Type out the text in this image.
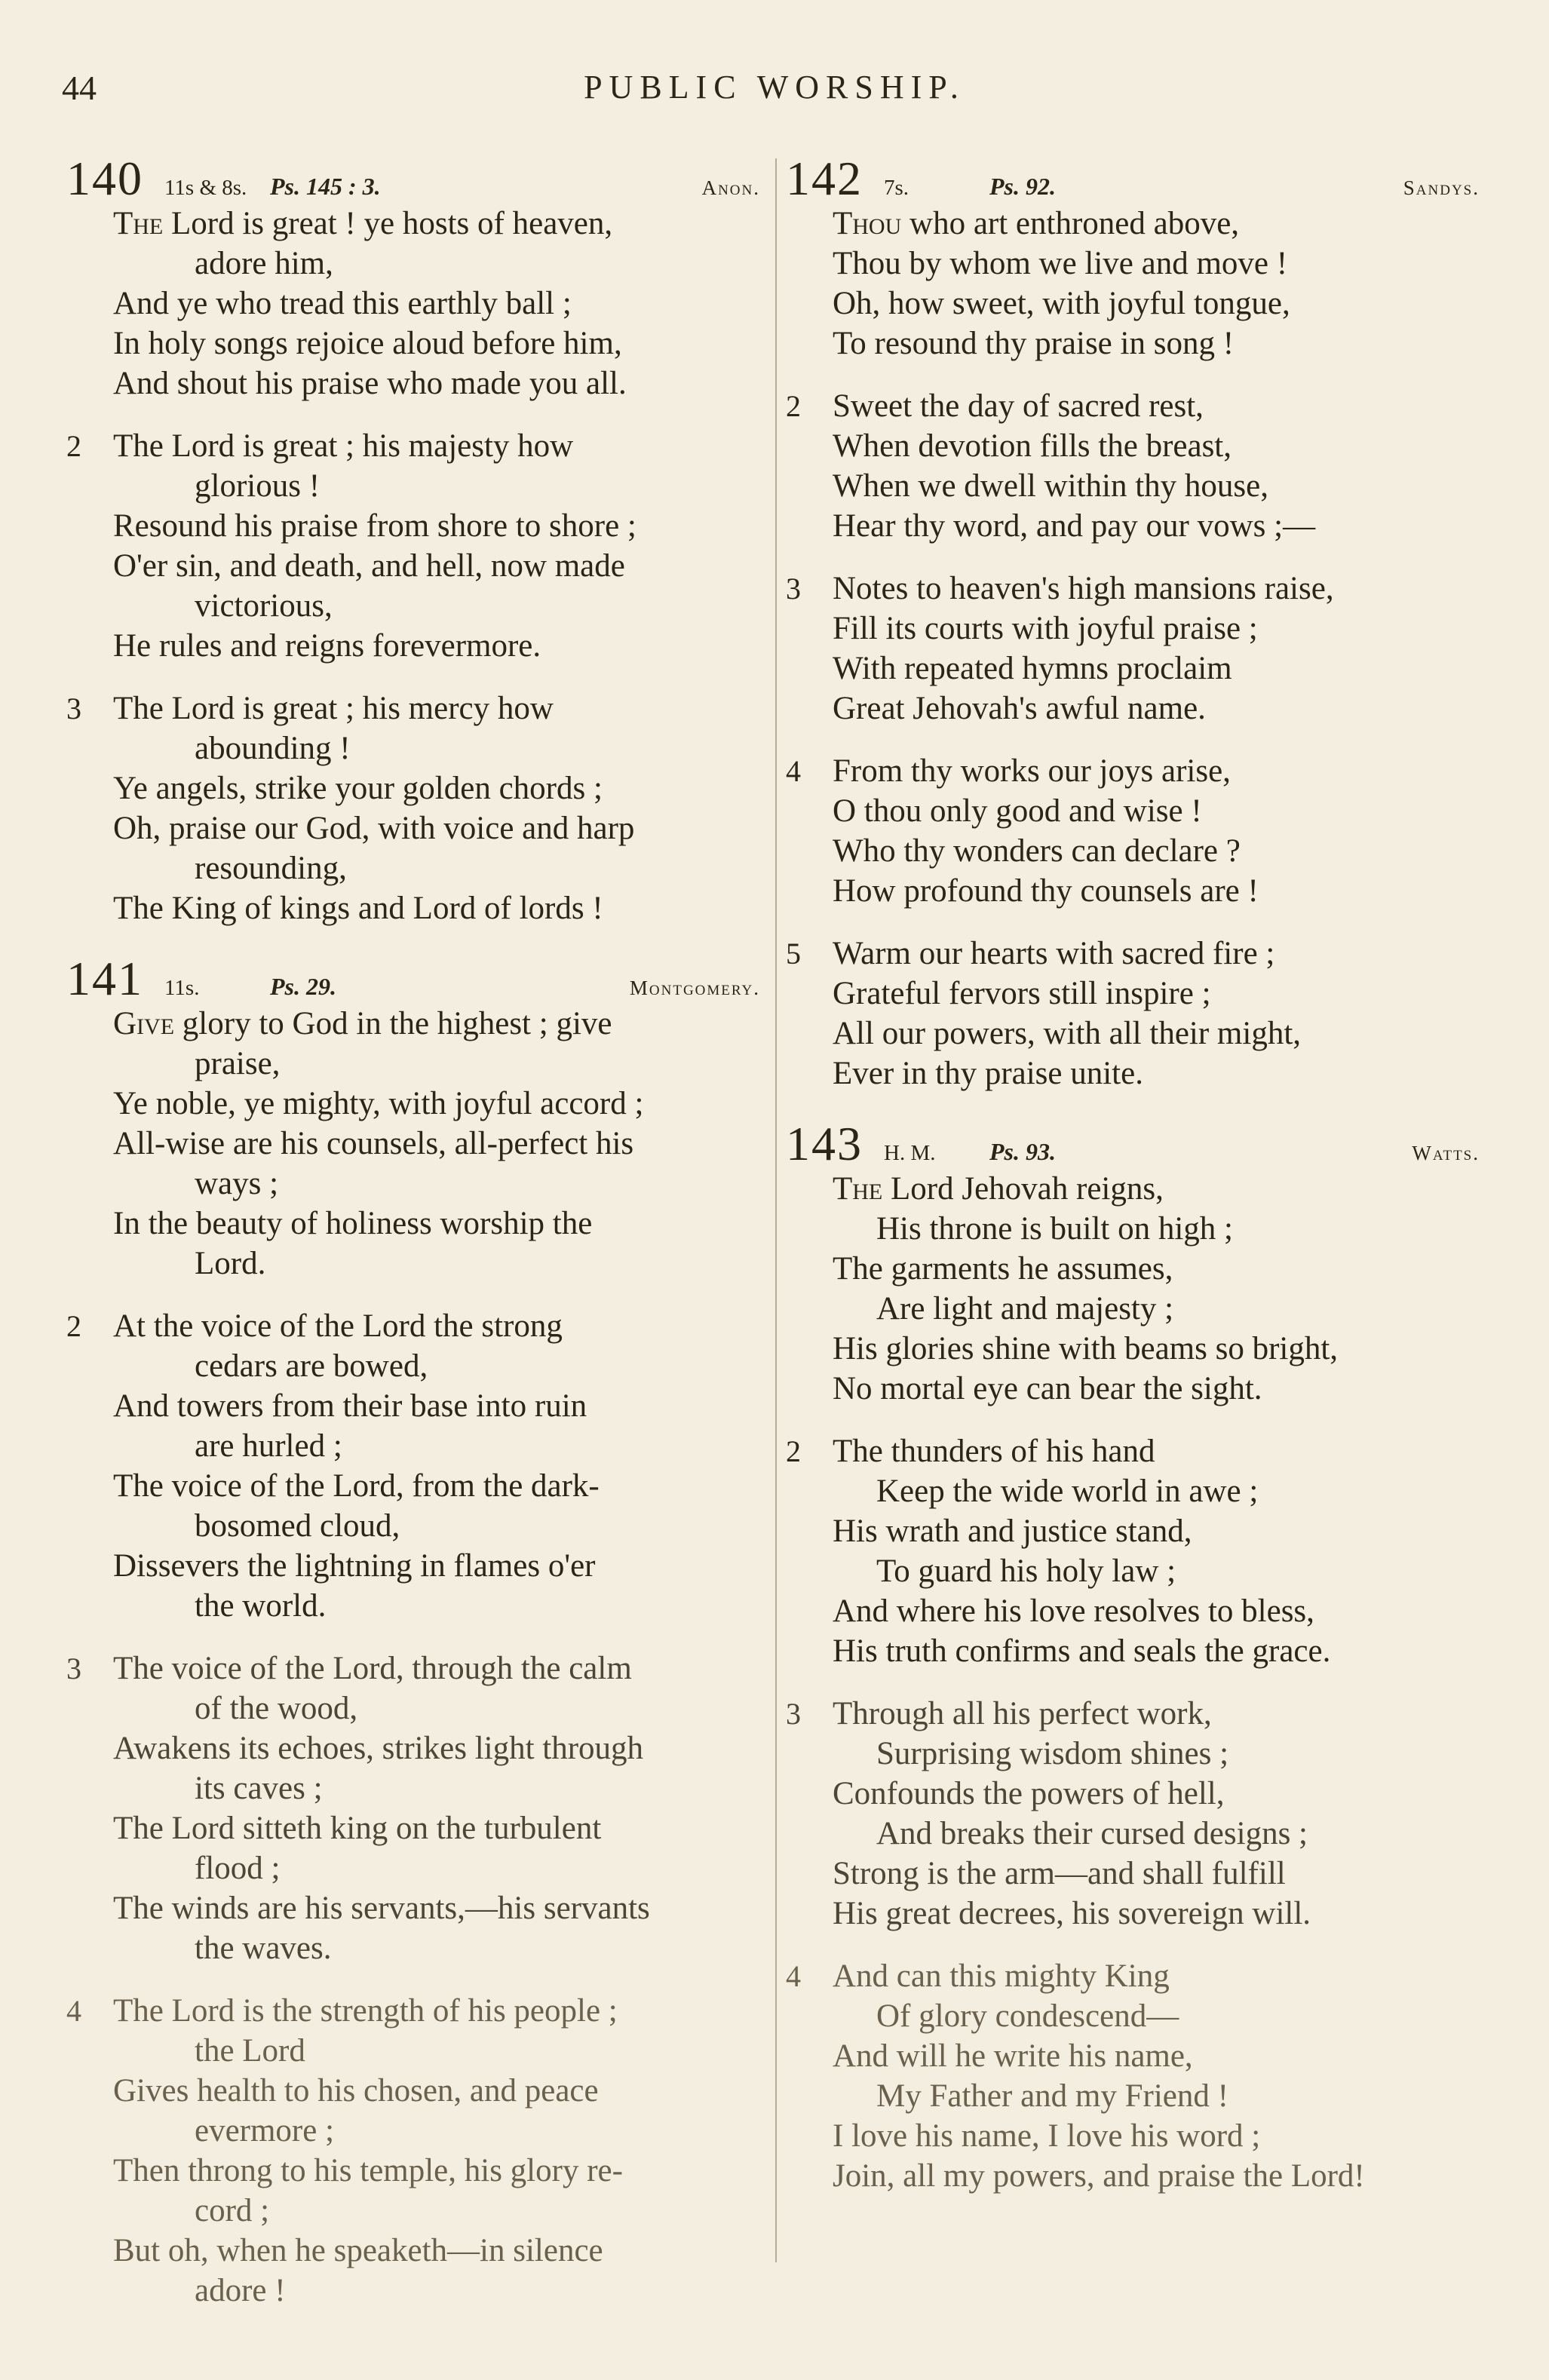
44	PUBLIC WORSHIP.
140 11s & 8s. Ps. 145 : 3.	Anon.
The Lord is great ! ye hosts of heaven,
adore him,
And ye who tread this earthly ball ;
In holy songs rejoice aloud before him,
And shout his praise who made you all.
2 The Lord is great ; his majesty how
glorious !
Resound his praise from shore to shore ;
O'er sin, and death, and hell, now made
victorious,
He rules and reigns forevermore.
3 The Lord is great ; his mercy how
abounding !
Ye angels, strike your golden chords ;
Oh, praise our God, with voice and harp
resounding,
The King of kings and Lord of lords !
141 11s.	Ps. 29.	Montgomery.
Give glory to God in the highest ; give
praise,
Ye noble, ye mighty, with joyful accord ;
All-wise are his counsels, all-perfect his
ways ;
In the beauty of holiness worship the
Lord.
2 At the voice of the Lord the strong
cedars are bowed,
And towers from their base into ruin
are hurled ;
The voice of the Lord, from the dark-
bosomed cloud,
Dissevers the lightning in flames o'er
the world.
3 The voice of the Lord, through the calm
of the wood,
Awakens its echoes, strikes light through
its caves ;
The Lord sitteth king on the turbulent
flood ;
The winds are his servants,—his servants
the waves.
4 The Lord is the strength of his people ;
the Lord
Gives health to his chosen, and peace
evermore ;
Then throng to his temple, his glory re-
cord ;
But oh, when he speaketh—in silence
adore !
142 7s.	Ps. 92.	Sandys.
Thou who art enthroned above,
Thou by whom we live and move !
Oh, how sweet, with joyful tongue,
To resound thy praise in song !
2 Sweet the day of sacred rest,
When devotion fills the breast,
When we dwell within thy house,
Hear thy word, and pay our vows ;—
3 Notes to heaven's high mansions raise,
Fill its courts with joyful praise ;
With repeated hymns proclaim
Great Jehovah's awful name.
4 From thy works our joys arise,
O thou only good and wise !
Who thy wonders can declare ?
How profound thy counsels are !
5 Warm our hearts with sacred fire ;
Grateful fervors still inspire ;
All our powers, with all their might,
Ever in thy praise unite.
143 H. M.	Ps. 93.	Watts.
The Lord Jehovah reigns,
His throne is built on high ;
The garments he assumes,
Are light and majesty ;
His glories shine with beams so bright,
No mortal eye can bear the sight.
2 The thunders of his hand
Keep the wide world in awe ;
His wrath and justice stand,
To guard his holy law ;
And where his love resolves to bless,
His truth confirms and seals the grace.
3 Through all his perfect work,
Surprising wisdom shines ;
Confounds the powers of hell,
And breaks their cursed designs ;
Strong is the arm—and shall fulfill
His great decrees, his sovereign will.
4 And can this mighty King
Of glory condescend—
And will he write his name,
My Father and my Friend !
I love his name, I love his word ;
Join, all my powers, and praise the Lord!
